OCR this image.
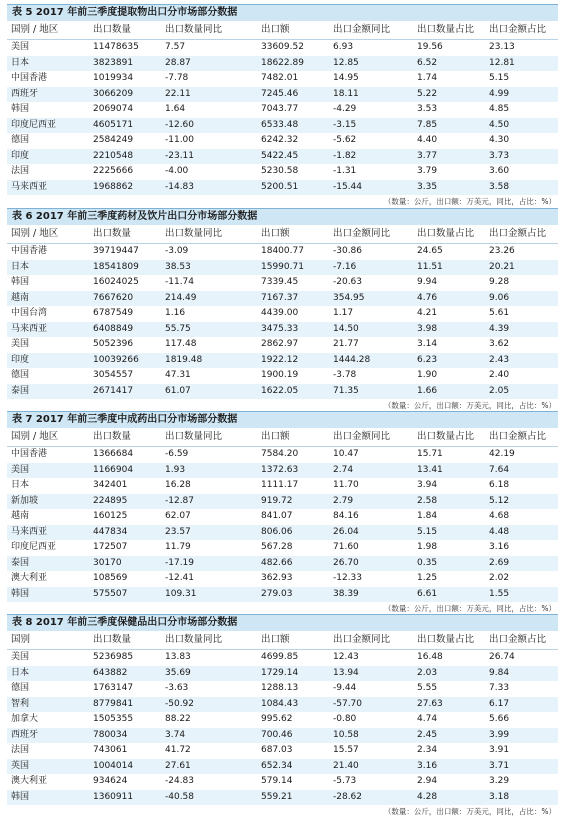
表 5 2017 年前三季度提取物出口分市场部分数据
国别 / 地区	出口数量	出口数量同比	出口额	出口金额同比	出口数量占比	出口金额占比
美国	11478635	7.57	33609.52	6.93	19.56	23.13
日本	3823891	28.87	18622.89	12.85	6.52	12.81
中国香港	1019934	-7.78	7482.01	14.95	1.74	5.15
西班牙	3066209	22.11	7245.46	18.11	5.22	4.99
韩国	2069074	1.64	7043.77	-4.29	3.53	4.85
印度尼西亚	4605171	-12.60	6533.48	-3.15	7.85	4.50
德国	2584249	-11.00	6242.32	-5.62	4.40	4.30
印度	2210548	-23.11	5422.45	-1.82	3.77	3.73
法国	2225666	-4.00	5230.58	-1.31	3.79	3.60
马来西亚	1968862	-14.83	5200.51	-15.44	3.35	3.58
（数量：公斤，出口额：万美元，同比，占比：%）
表 6 2017 年前三季度药材及饮片出口分市场部分数据
国别 / 地区	出口数量	出口数量同比	出口额	出口金额同比	出口数量占比	出口金额占比
中国香港	39719447	-3.09	18400.77	-30.86	24.65	23.26
日本	18541809	38.53	15990.71	-7.16	11.51	20.21
韩国	16024025	-11.74	7339.45	-20.63	9.94	9.28
越南	7667620	214.49	7167.37	354.95	4.76	9.06
中国台湾	6787549	1.16	4439.00	1.17	4.21	5.61
马来西亚	6408849	55.75	3475.33	14.50	3.98	4.39
美国	5052396	117.48	2862.97	21.77	3.14	3.62
印度	10039266	1819.48	1922.12	1444.28	6.23	2.43
德国	3054557	47.31	1900.19	-3.78	1.90	2.40
泰国	2671417	61.07	1622.05	71.35	1.66	2.05
（数量：公斤，出口额：万美元，同比，占比：%）
表 7 2017 年前三季度中成药出口分市场部分数据
国别 / 地区	出口数量	出口数量同比	出口额	出口金额同比	出口数量占比	出口金额占比
中国香港	1366684	-6.59	7584.20	10.47	15.71	42.19
美国	1166904	1.93	1372.63	2.74	13.41	7.64
日本	342401	16.28	1111.17	11.70	3.94	6.18
新加坡	224895	-12.87	919.72	2.79	2.58	5.12
越南	160125	62.07	841.07	84.16	1.84	4.68
马来西亚	447834	23.57	806.06	26.04	5.15	4.48
印度尼西亚	172507	11.79	567.28	71.60	1.98	3.16
泰国	30170	-17.19	482.66	26.70	0.35	2.69
澳大利亚	108569	-12.41	362.93	-12.33	1.25	2.02
韩国	575507	109.31	279.03	38.39	6.61	1.55
（数量：公斤，出口额：万美元，同比，占比：%）
表 8 2017 年前三季度保健品出口分市场部分数据
国别	出口数量	出口数量同比	出口额	出口金额同比	出口数量占比	出口金额占比
美国	5236985	13.83	4699.85	12.43	16.48	26.74
日本	643882	35.69	1729.14	13.94	2.03	9.84
德国	1763147	-3.63	1288.13	-9.44	5.55	7.33
智利	8779841	-50.92	1084.43	-57.70	27.63	6.17
加拿大	1505355	88.22	995.62	-0.80	4.74	5.66
西班牙	780034	3.74	700.46	10.58	2.45	3.99
法国	743061	41.72	687.03	15.57	2.34	3.91
英国	1004014	27.61	652.34	21.40	3.16	3.71
澳大利亚	934624	-24.83	579.14	-5.73	2.94	3.29
韩国	1360911	-40.58	559.21	-28.62	4.28	3.18
（数量：公斤，出口额：万美元，同比，占比：%）
